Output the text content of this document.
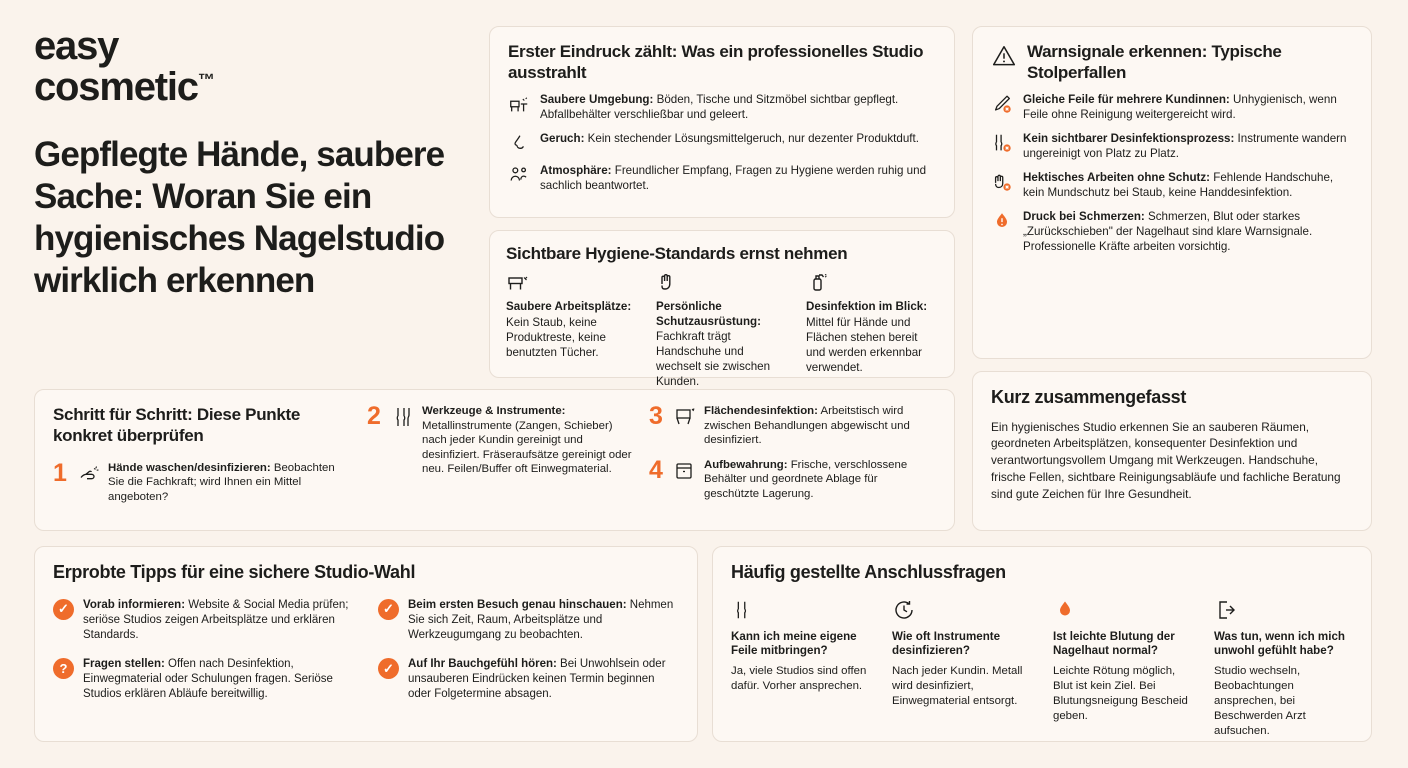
easy
cosmetic™
Gepflegte Hände, saubere Sache: Woran Sie ein hygienisches Nagelstudio wirklich erkennen
Erster Eindruck zählt: Was ein professionelles Studio ausstrahlt
Saubere Umgebung: Böden, Tische und Sitzmöbel sichtbar gepflegt. Abfallbehälter verschließbar und geleert.
Geruch: Kein stechender Lösungsmittelgeruch, nur dezenter Produktduft.
Atmosphäre: Freundlicher Empfang, Fragen zu Hygiene werden ruhig und sachlich beantwortet.
Warnsignale erkennen: Typische Stolperfallen
Gleiche Feile für mehrere Kundinnen: Unhygienisch, wenn Feile ohne Reinigung weitergereicht wird.
Kein sichtbarer Desinfektionsprozess: Instrumente wandern ungereinigt von Platz zu Platz.
Hektisches Arbeiten ohne Schutz: Fehlende Handschuhe, kein Mundschutz bei Staub, keine Handdesinfektion.
Druck bei Schmerzen: Schmerzen, Blut oder starkes „Zurückschieben" der Nagelhaut sind klare Warnsignale. Professionelle Kräfte arbeiten vorsichtig.
Sichtbare Hygiene-Standards ernst nehmen
Saubere Arbeitsplätze:
Kein Staub, keine Produktreste, keine benutzten Tücher.
Persönliche Schutzausrüstung:
Fachkraft trägt Handschuhe und wechselt sie zwischen Kunden.
Desinfektion im Blick:
Mittel für Hände und Flächen stehen bereit und werden erkennbar verwendet.
Schritt für Schritt: Diese Punkte konkret überprüfen
1	Hände waschen/desinfizieren: Beobachten Sie die Fachkraft; wird Ihnen ein Mittel angeboten?
2	Werkzeuge & Instrumente: Metallinstrumente (Zangen, Schieber) nach jeder Kundin gereinigt und desinfiziert. Fräseraufsätze gereinigt oder neu. Feilen/Buffer oft Einwegmaterial.
3	Flächendesinfektion: Arbeitstisch wird zwischen Behandlungen abgewischt und desinfiziert.
4	Aufbewahrung: Frische, verschlossene Behälter und geordnete Ablage für geschützte Lagerung.
Kurz zusammengefasst
Ein hygienisches Studio erkennen Sie an sauberen Räumen, geordneten Arbeitsplätzen, konsequenter Desinfektion und verantwortungsvollem Umgang mit Werkzeugen. Handschuhe, frische Fellen, sichtbare Reinigungsabläufe und fachliche Beratung sind gute Zeichen für Ihre Gesundheit.
Erprobte Tipps für eine sichere Studio-Wahl
✓	Vorab informieren: Website & Social Media prüfen; seriöse Studios zeigen Arbeitsplätze und erklären Standards.
?	Fragen stellen: Offen nach Desinfektion, Einwegmaterial oder Schulungen fragen. Seriöse Studios erklären Abläufe bereitwillig.
✓	Beim ersten Besuch genau hinschauen: Nehmen Sie sich Zeit, Raum, Arbeitsplätze und Werkzeugumgang zu beobachten.
✓	Auf Ihr Bauchgefühl hören: Bei Unwohlsein oder unsauberen Eindrücken keinen Termin beginnen oder Folgetermine absagen.
Häufig gestellte Anschlussfragen
Kann ich meine eigene Feile mitbringen?
Ja, viele Studios sind offen dafür. Vorher ansprechen.
Wie oft Instrumente desinfizieren?
Nach jeder Kundin. Metall wird desinfiziert, Einwegmaterial entsorgt.
Ist leichte Blutung der Nagelhaut normal?
Leichte Rötung möglich, Blut ist kein Ziel. Bei Blutungsneigung Bescheid geben.
Was tun, wenn ich mich unwohl gefühlt habe?
Studio wechseln, Beobachtungen ansprechen, bei Beschwerden Arzt aufsuchen.
